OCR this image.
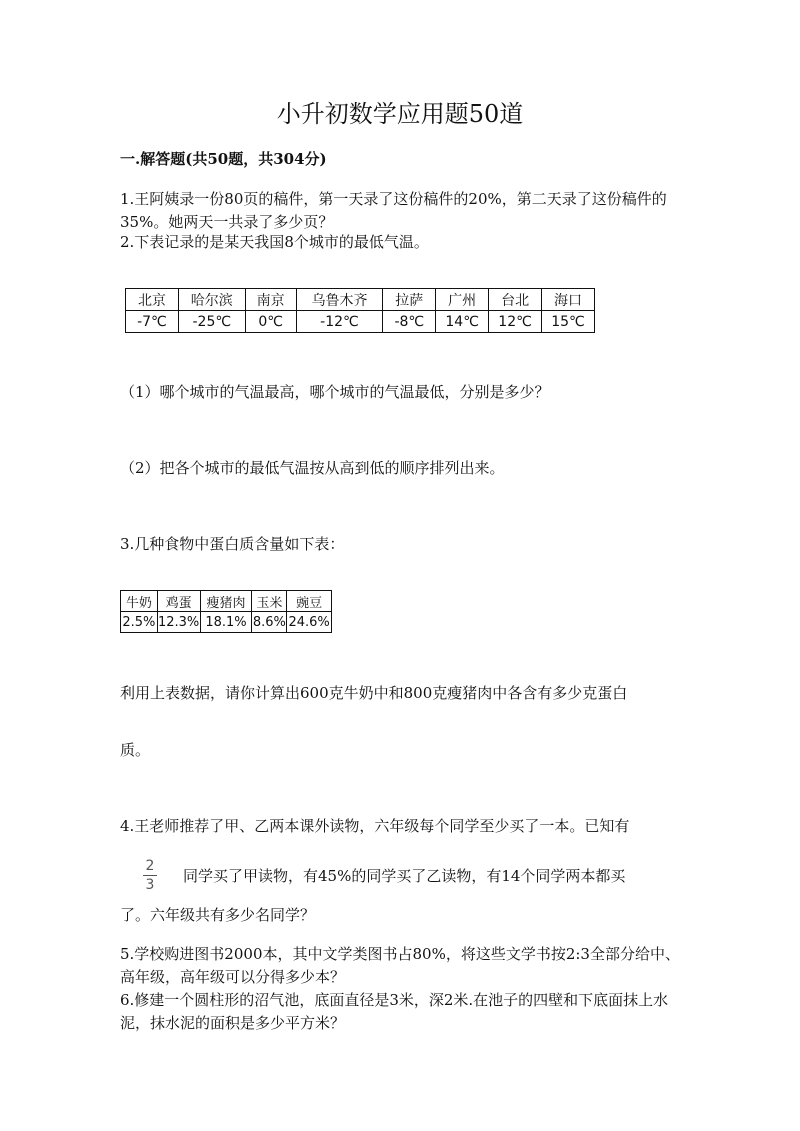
小升初数学应用题50道
一.解答题(共50题，共304分)
1.王阿姨录一份80页的稿件，第一天录了这份稿件的20%，第二天录了这份稿件的35%。她两天一共录了多少页？
2.下表记录的是某天我国8个城市的最低气温。
北京	哈尔滨	南京	乌鲁木齐	拉萨	广州	台北	海口
-7℃	-25℃	0℃	-12℃	-8℃	14℃	12℃	15℃
（1）哪个城市的气温最高，哪个城市的气温最低，分别是多少？
（2）把各个城市的最低气温按从高到低的顺序排列出来。
3.几种食物中蛋白质含量如下表：
牛奶	鸡蛋	瘦猪肉	玉米	豌豆
2.5%	12.3%	18.1%	8.6%	24.6%
利用上表数据，请你计算出600克牛奶中和800克瘦猪肉中各含有多少克蛋白
质。
4.王老师推荐了甲、乙两本课外读物，六年级每个同学至少买了一本。已知有
2
3 同学买了甲读物，有45%的同学买了乙读物，有14个同学两本都买
了。六年级共有多少名同学？
5.学校购进图书2000本，其中文学类图书占80%，将这些文学书按2:3全部分给中、高年级，高年级可以分得多少本？
6.修建一个圆柱形的沼气池，底面直径是3米，深2米.在池子的四壁和下底面抹上水泥，抹水泥的面积是多少平方米？
